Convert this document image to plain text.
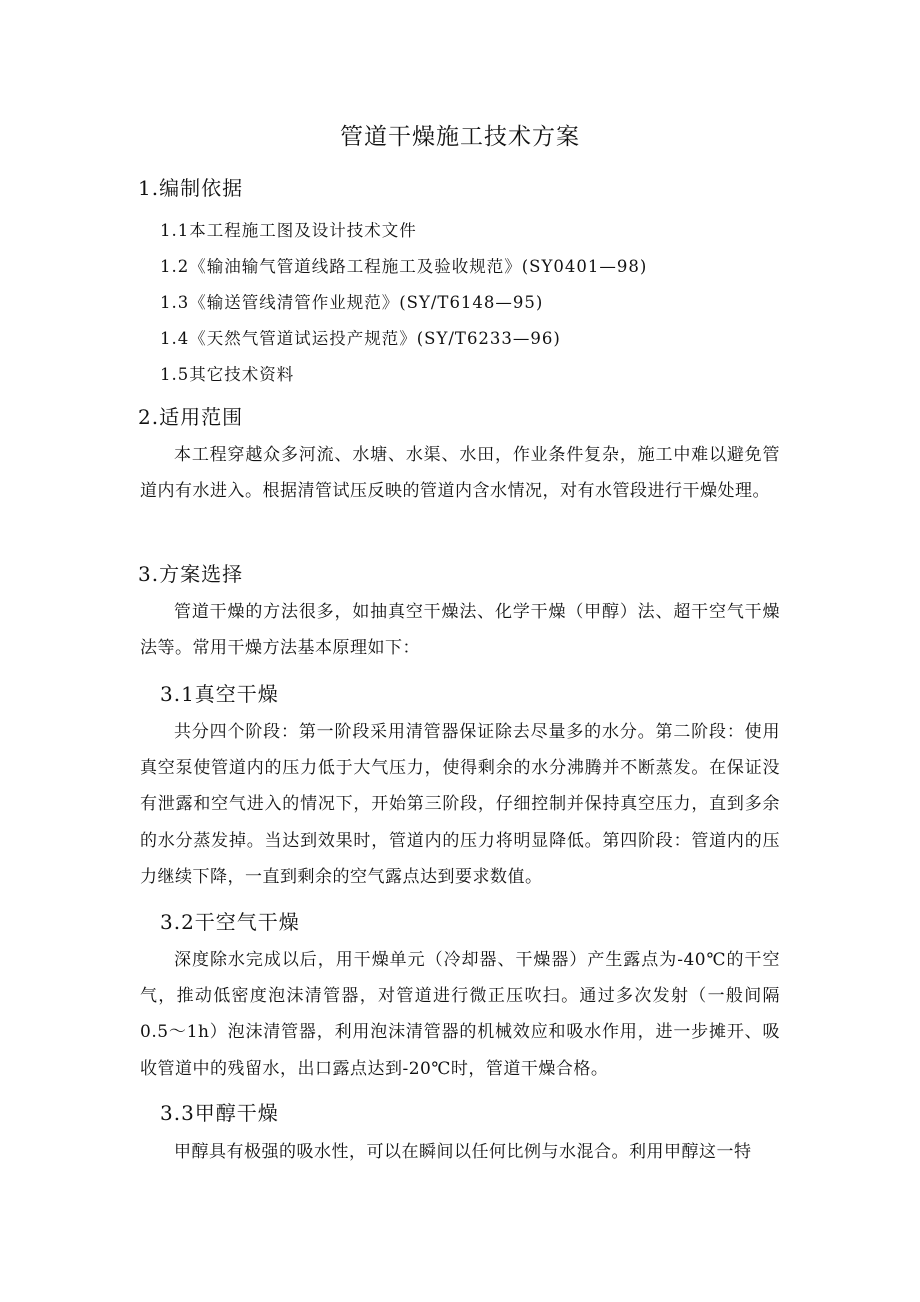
管道干燥施工技术方案
1.编制依据
1.1本工程施工图及设计技术文件
1.2《输油输气管道线路工程施工及验收规范》(SY0401—98)
1.3《输送管线清管作业规范》(SY/T6148—95)
1.4《天然气管道试运投产规范》(SY/T6233—96)
1.5其它技术资料
2.适用范围
本工程穿越众多河流、水塘、水渠、水田，作业条件复杂，施工中难以避免管道内有水进入。根据清管试压反映的管道内含水情况，对有水管段进行干燥处理。
3.方案选择
管道干燥的方法很多，如抽真空干燥法、化学干燥（甲醇）法、超干空气干燥法等。常用干燥方法基本原理如下：
3.1真空干燥
共分四个阶段：第一阶段采用清管器保证除去尽量多的水分。第二阶段：使用真空泵使管道内的压力低于大气压力，使得剩余的水分沸腾并不断蒸发。在保证没有泄露和空气进入的情况下，开始第三阶段，仔细控制并保持真空压力，直到多余的水分蒸发掉。当达到效果时，管道内的压力将明显降低。第四阶段：管道内的压力继续下降，一直到剩余的空气露点达到要求数值。
3.2干空气干燥
深度除水完成以后，用干燥单元（冷却器、干燥器）产生露点为-40℃的干空气，推动低密度泡沫清管器，对管道进行微正压吹扫。通过多次发射（一般间隔0.5～1h）泡沫清管器，利用泡沫清管器的机械效应和吸水作用，进一步摊开、吸收管道中的残留水，出口露点达到-20℃时，管道干燥合格。
3.3甲醇干燥
甲醇具有极强的吸水性，可以在瞬间以任何比例与水混合。利用甲醇这一特
